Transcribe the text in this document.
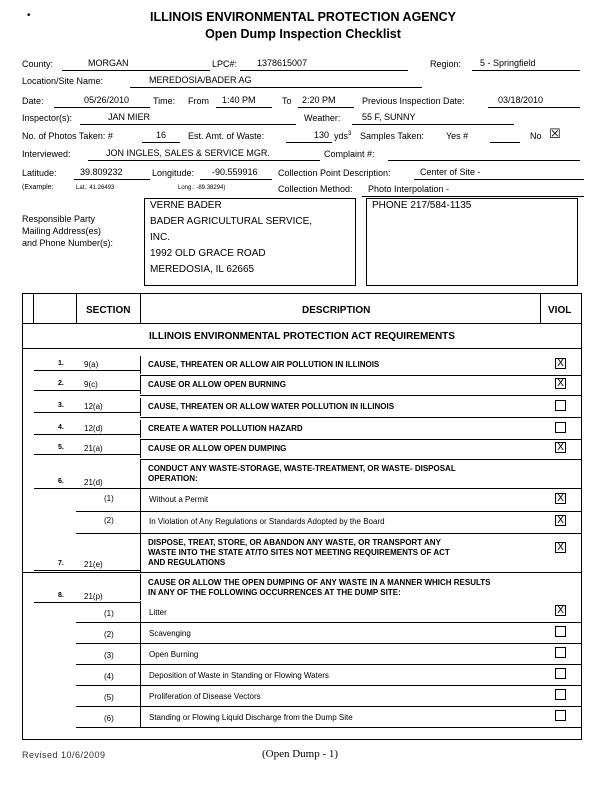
•	ILLINOIS ENVIRONMENTAL PROTECTION AGENCY
Open Dump Inspection Checklist
County:	MORGAN	LPC#: 1378615007	Region: 5 - Springfield
Location/Site Name:	MEREDOSIA/BADER AG
Date:	05/26/2010	Time: From 1:40 PM	To 2:20 PM	Previous Inspection Date:	03/18/2010
Inspector(s):	JAN MIER	Weather: 55 F, SUNNY
No. of Photos Taken: #	16 Est. Amt. of Waste:	130 yds$^3$ Samples Taken: Yes #	No ☒
Interviewed:	JON INGLES, SALES & SERVICE MGR.	Complaint #:
Latitude:	39.809232	Longitude: -90.559916 Collection Point Description:	Center of Site -
(Example:	Lat.: 41.26493	Long.: -89.38294)	Collection Method: Photo Interpolation -
Responsible Party
Mailing Address(es)
and Phone Number(s):
VERNE BADER
BADER AGRICULTURAL SERVICE,
INC.
1992 OLD GRACE ROAD
MEREDOSIA, IL 62665
PHONE 217/584-1135
SECTION	DESCRIPTION	VIOL
ILLINOIS ENVIRONMENTAL PROTECTION ACT REQUIREMENTS
1.	9(a)	CAUSE, THREATEN OR ALLOW AIR POLLUTION IN ILLINOIS	X
2.	9(c)	CAUSE OR ALLOW OPEN BURNING	X
3.	12(a)	CAUSE, THREATEN OR ALLOW WATER POLLUTION IN ILLINOIS
4.	12(d)	CREATE A WATER POLLUTION HAZARD
5.	21(a)	CAUSE OR ALLOW OPEN DUMPING	X
6.	21(d)
CONDUCT ANY WASTE-STORAGE, WASTE-TREATMENT, OR WASTE- DISPOSAL
OPERATION:
(1)	Without a Permit	X
(2)	In Violation of Any Regulations or Standards Adopted by the Board	X
7.	21(e)
DISPOSE, TREAT, STORE, OR ABANDON ANY WASTE, OR TRANSPORT ANY
WASTE INTO THE STATE AT/TO SITES NOT MEETING REQUIREMENTS OF ACT
AND REGULATIONS
X
8.	21(p)
CAUSE OR ALLOW THE OPEN DUMPING OF ANY WASTE IN A MANNER WHICH RESULTS
IN ANY OF THE FOLLOWING OCCURRENCES AT THE DUMP SITE:
(1)	Litter	X
(2)	Scavenging
(3)	Open Burning
(4)	Deposition of Waste in Standing or Flowing Waters
(5)	Proliferation of Disease Vectors
(6)	Standing or Flowing Liquid Discharge from the Dump Site
Revised 10/6/2009	(Open Dump - 1)
